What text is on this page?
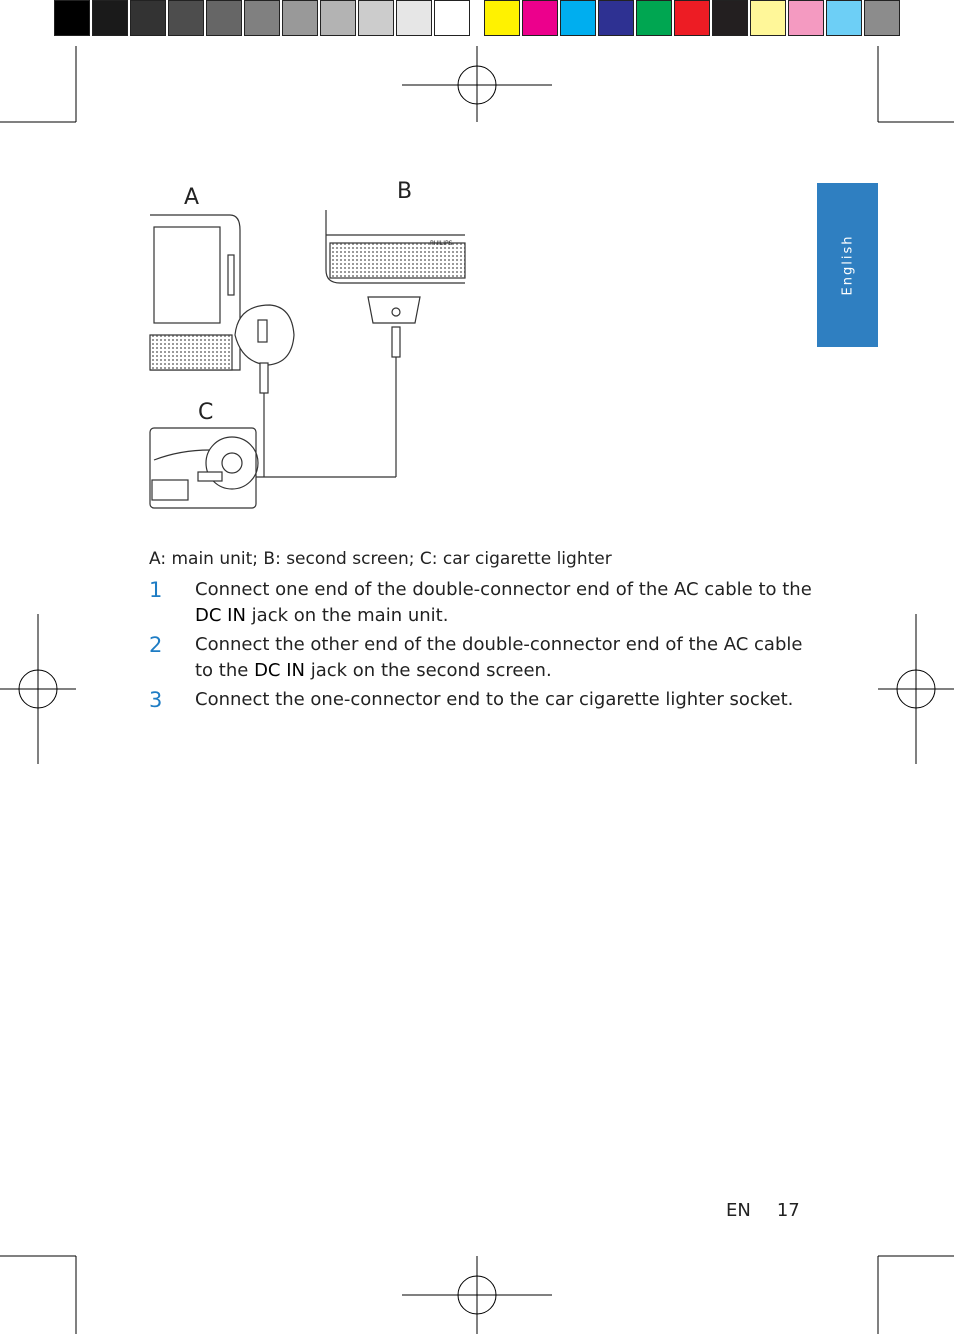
English
A	B
C
PHILIPS
A: main unit; B: second screen; C: car cigarette lighter
1 Connect one end of the double-connector end of the AC cable to the DC IN jack on the main unit.
2 Connect the other end of the double-connector end of the AC cable to the DC IN jack on the second screen.
3 Connect the one-connector end to the car cigarette lighter socket.
EN 17
